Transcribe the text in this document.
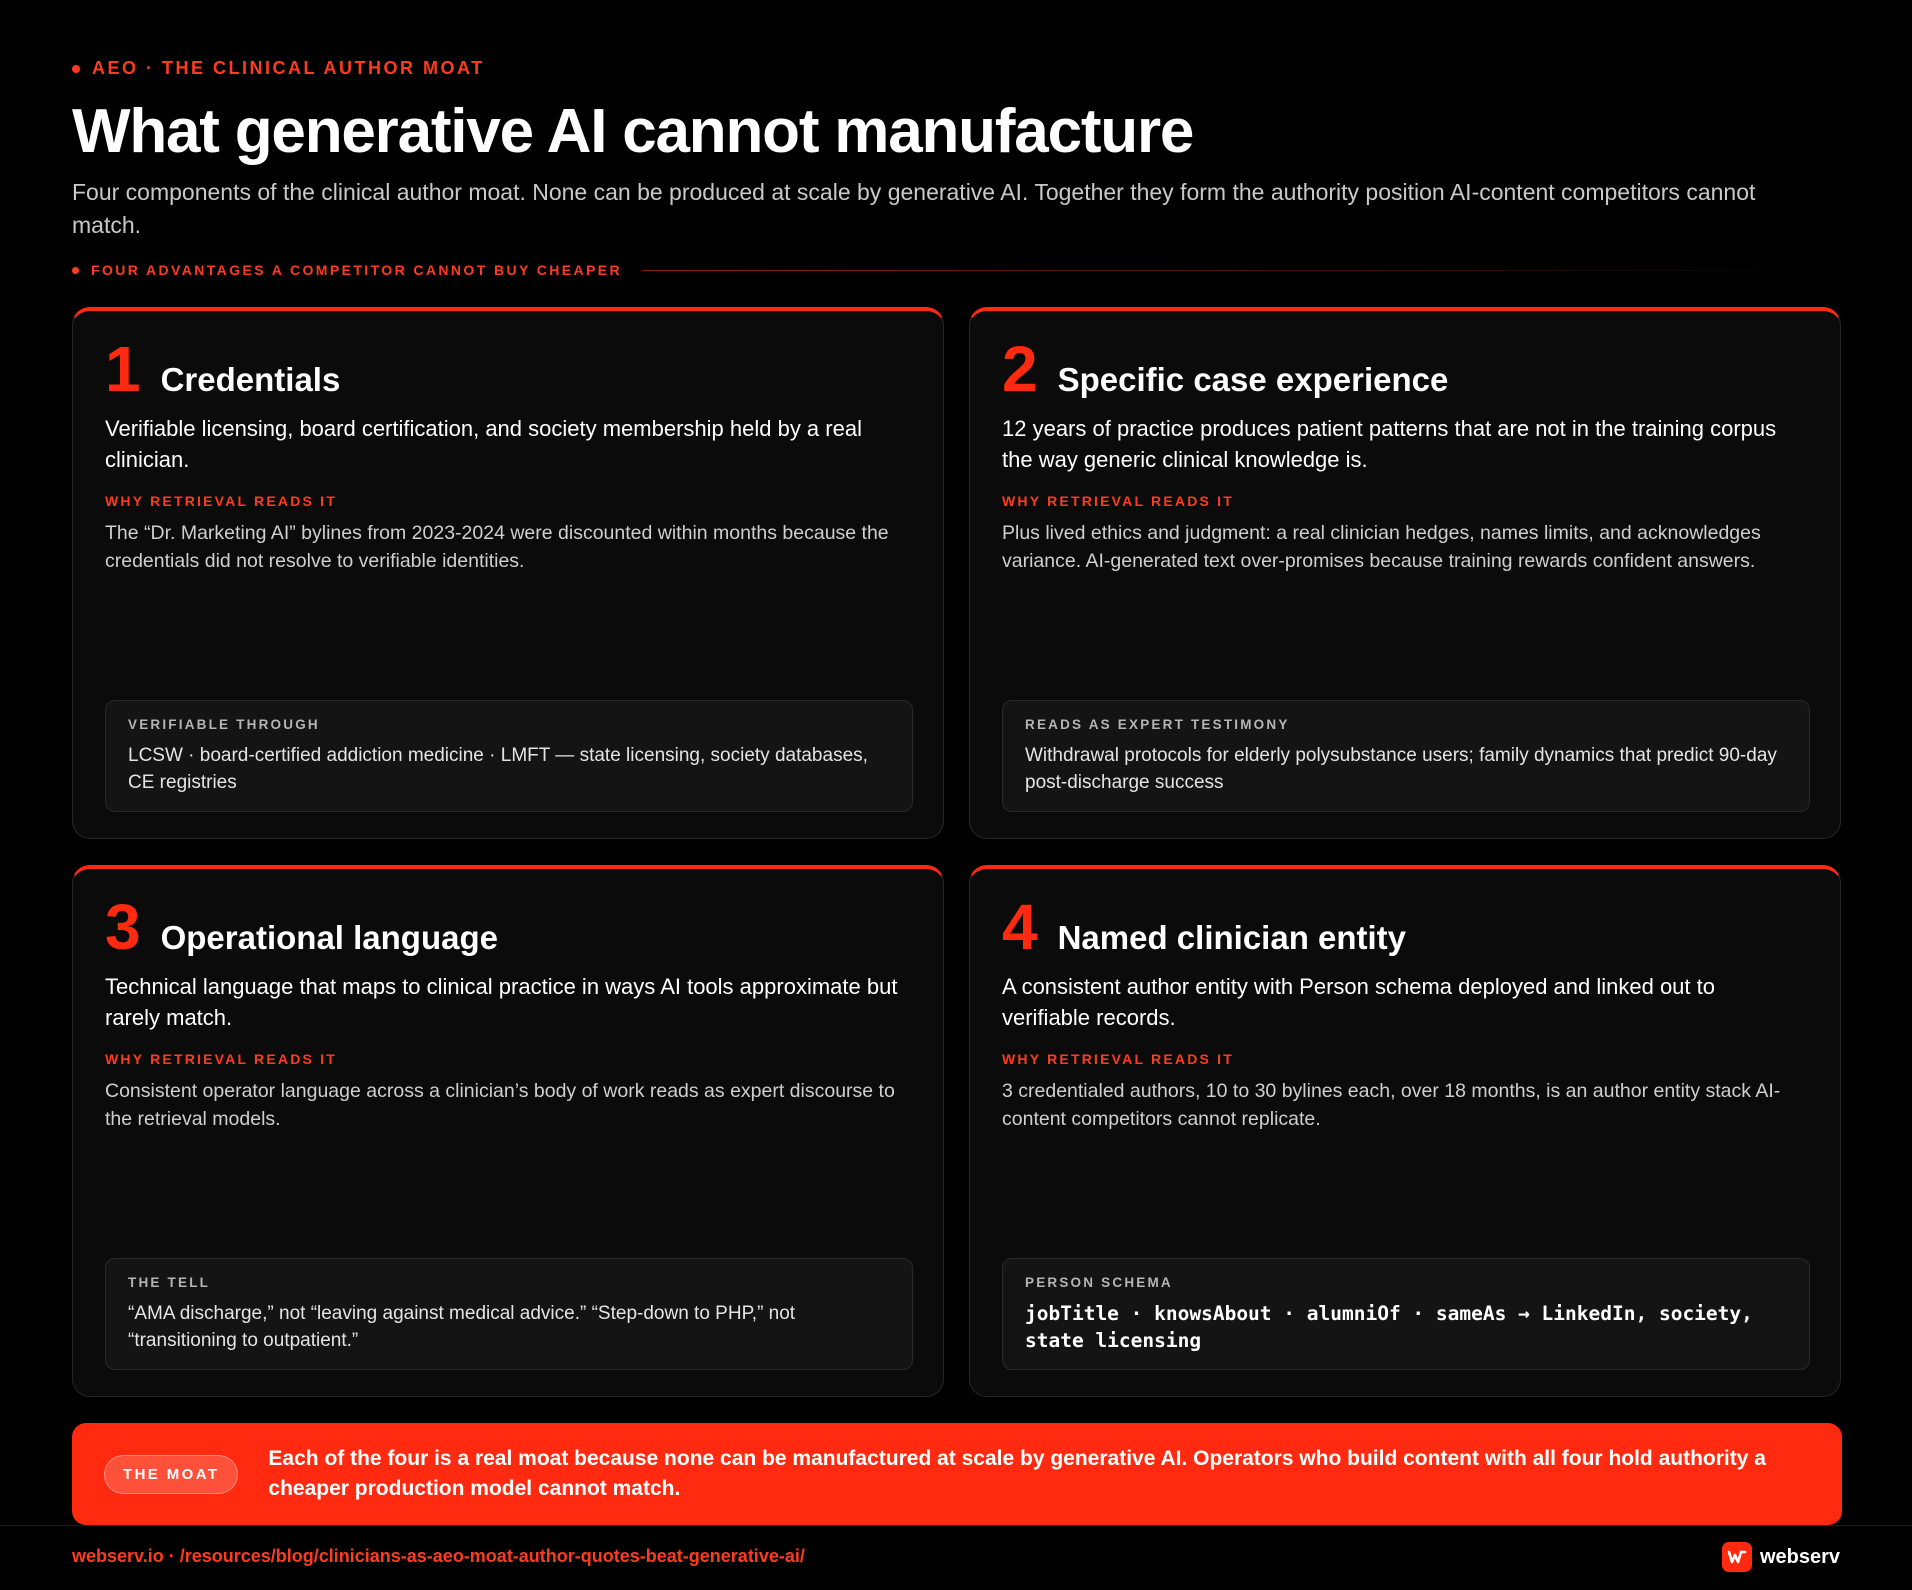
AEO · THE CLINICAL AUTHOR MOAT
What generative AI cannot manufacture

Four components of the clinical author moat. None can be produced at scale by generative AI. Together they form the authority position AI-content competitors cannot match.

FOUR ADVANTAGES A COMPETITOR CANNOT BUY CHEAPER
1 Credentials

Verifiable licensing, board certification, and society membership held by a real clinician.

WHY RETRIEVAL READS IT

The “Dr. Marketing AI” bylines from 2023-2024 were discounted within months because the credentials did not resolve to verifiable identities.

VERIFIABLE THROUGH
LCSW · board-certified addiction medicine · LMFT — state licensing, society databases, CE registries
2 Specific case experience

12 years of practice produces patient patterns that are not in the training corpus the way generic clinical knowledge is.

WHY RETRIEVAL READS IT

Plus lived ethics and judgment: a real clinician hedges, names limits, and acknowledges variance. AI-generated text over-promises because training rewards confident answers.

READS AS EXPERT TESTIMONY
Withdrawal protocols for elderly polysubstance users; family dynamics that predict 90-day post-discharge success
3 Operational language

Technical language that maps to clinical practice in ways AI tools approximate but rarely match.

WHY RETRIEVAL READS IT

Consistent operator language across a clinician’s body of work reads as expert discourse to the retrieval models.

THE TELL
“AMA discharge,” not “leaving against medical advice.” “Step-down to PHP,” not “transitioning to outpatient.”
4 Named clinician entity

A consistent author entity with Person schema deployed and linked out to verifiable records.

WHY RETRIEVAL READS IT

3 credentialed authors, 10 to 30 bylines each, over 18 months, is an author entity stack AI-content competitors cannot replicate.

PERSON SCHEMA
jobTitle · knowsAbout · alumniOf · sameAs → LinkedIn, society, state licensing
THE MOAT

Each of the four is a real moat because none can be manufactured at scale by generative AI. Operators who build content with all four hold authority a cheaper production model cannot match.

webserv.io · /resources/blog/clinicians-as-aeo-moat-author-quotes-beat-generative-ai/	webserv
